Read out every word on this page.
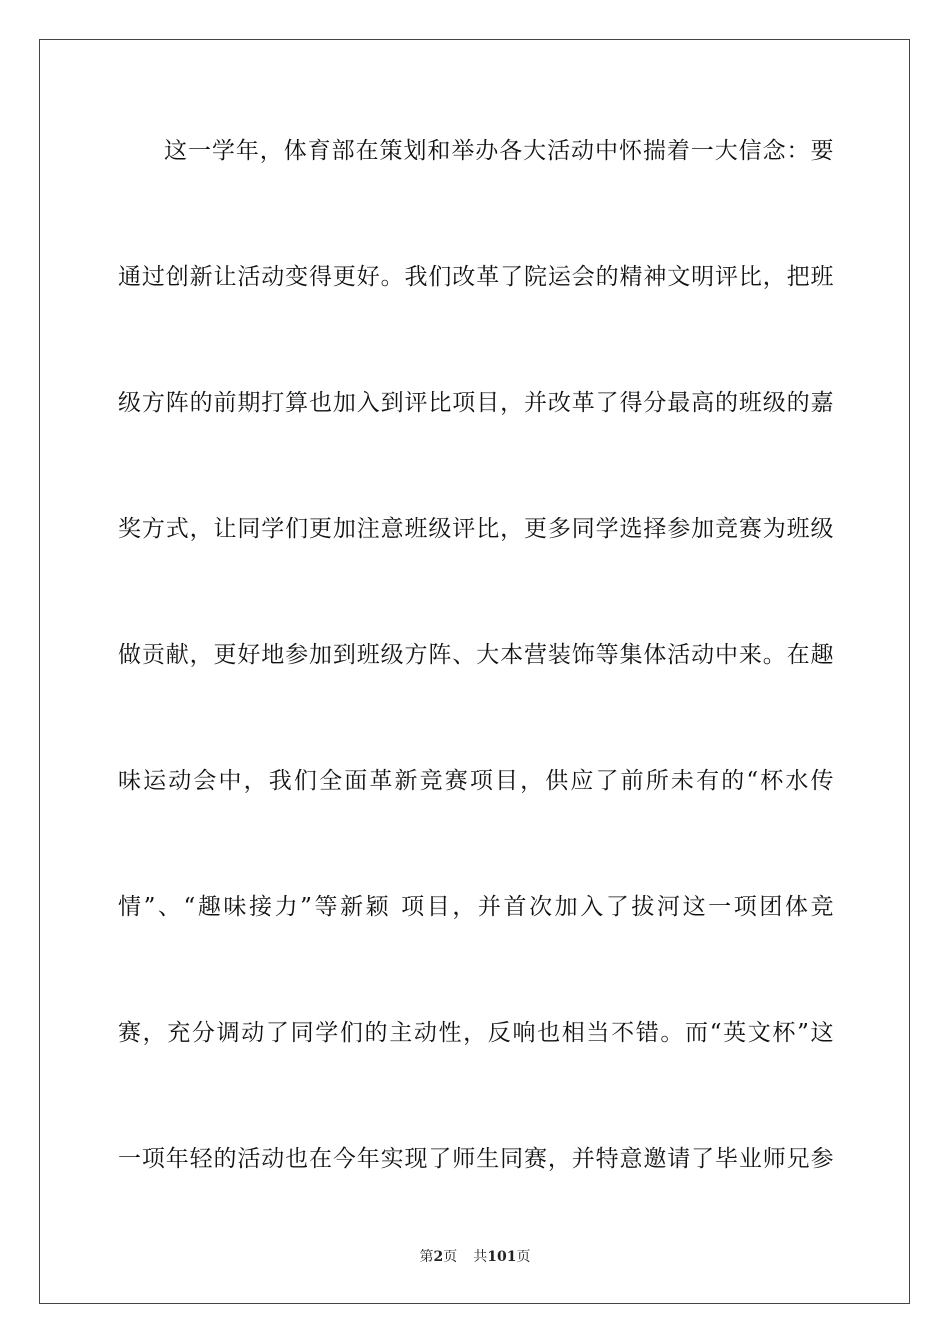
这一学年，体育部在策划和举办各大活动中怀揣着一大信念：要
通过创新让活动变得更好。我们改革了院运会的精神文明评比，把班
级方阵的前期打算也加入到评比项目，并改革了得分最高的班级的嘉
奖方式，让同学们更加注意班级评比，更多同学选择参加竞赛为班级
做贡献，更好地参加到班级方阵、大本营装饰等集体活动中来。在趣
味运动会中，我们全面革新竞赛项目，供应了前所未有的“杯水传
情”、“趣味接力”等新颖 项目，并首次加入了拔河这一项团体竞
赛，充分调动了同学们的主动性，反响也相当不错。而“英文杯”这
一项年轻的活动也在今年实现了师生同赛，并特意邀请了毕业师兄参
第2页 共101页
